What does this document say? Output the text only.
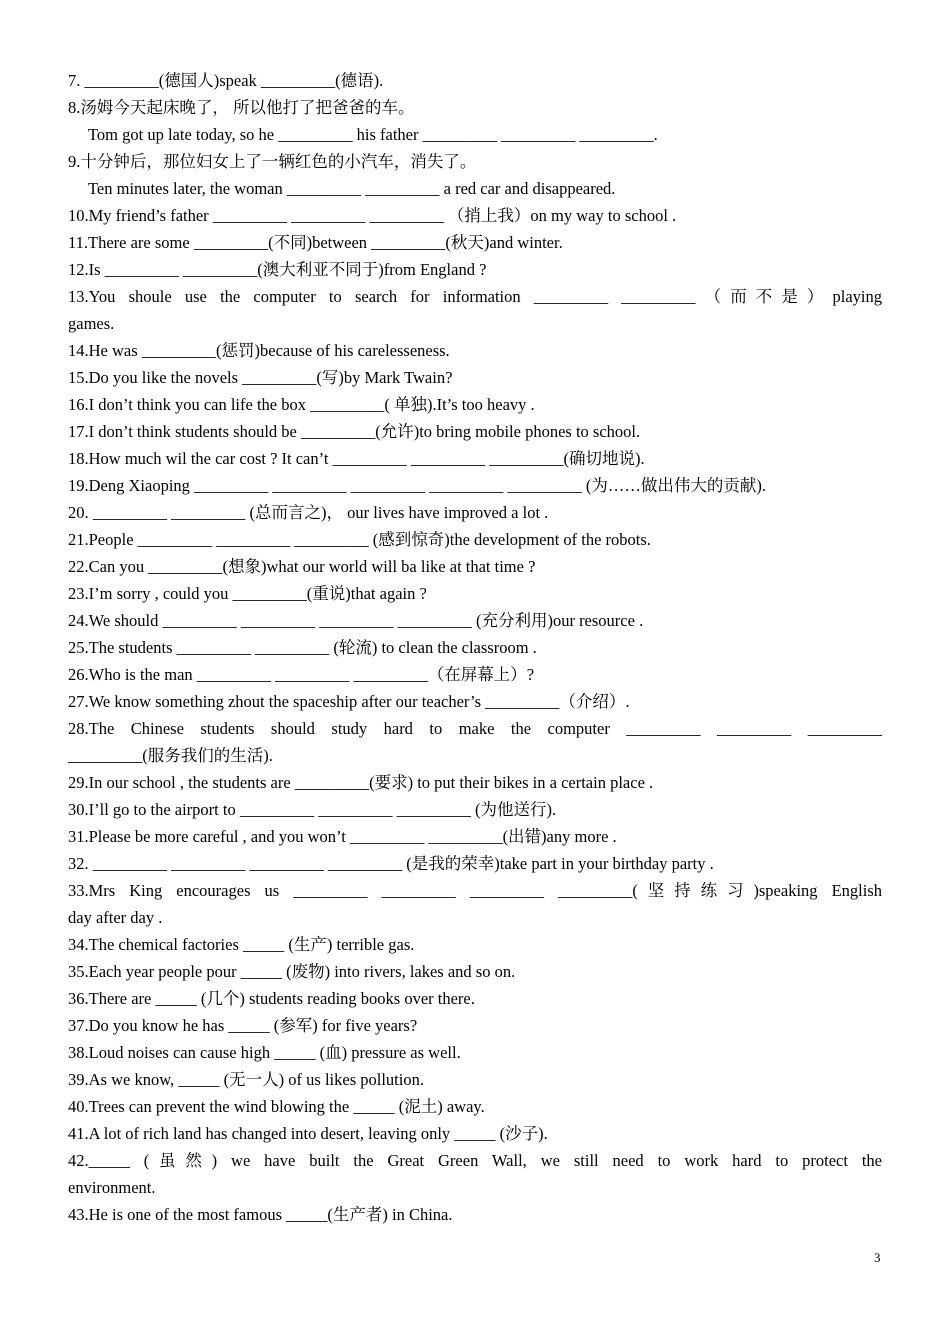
7. _________(德国人)speak _________(德语).
8.汤姆今天起床晚了， 所以他打了把爸爸的车。
Tom got up late today, so he _________ his father _________ _________ _________.
9.十分钟后，那位妇女上了一辆红色的小汽车，消失了。
Ten minutes later, the woman _________ _________ a red car and disappeared.
10.My friend’s father _________ _________ _________ （捎上我）on my way to school .
11.There are some _________(不同)between _________(秋天)and winter.
12.Is _________ _________(澳大利亚不同于)from England ?
13.You shoule use the computer to search for information _________ _________（而不是）playing
games.
14.He was _________(惩罚)because of his carelesseness.
15.Do you like the novels _________(写)by Mark Twain?
16.I don’t think you can life the box _________( 单独).It’s too heavy .
17.I don’t think students should be _________(允许)to bring mobile phones to school.
18.How much wil the car cost ? It can’t _________ _________ _________(确切地说).
19.Deng Xiaoping _________ _________ _________ _________ _________ (为……做出伟大的贡献).
20. _________ _________ (总而言之)， our lives have improved a lot .
21.People _________ _________ _________ (感到惊奇)the development of the robots.
22.Can you _________(想象)what our world will ba like at that time ?
23.I’m sorry , could you _________(重说)that again ?
24.We should _________ _________ _________ _________ (充分利用)our resource .
25.The students _________ _________ (轮流) to clean the classroom .
26.Who is the man _________ _________ _________（在屏幕上）?
27.We know something zhout the spaceship after our teacher’s _________（介绍）.
28.The Chinese students should study hard to make the computer _________ _________ _________
_________(服务我们的生活).
29.In our school , the students are _________(要求) to put their bikes in a certain place .
30.I’ll go to the airport to _________ _________ _________ (为他送行).
31.Please be more careful , and you won’t _________ _________(出错)any more .
32. _________ _________ _________ _________ (是我的荣幸)take part in your birthday party .
33.Mrs King encourages us _________ _________ _________ _________(坚持练习)speaking English
day after day .
34.The chemical factories _____ (生产) terrible gas.
35.Each year people pour _____ (废物) into rivers, lakes and so on.
36.There are _____ (几个) students reading books over there.
37.Do you know he has _____ (参军) for five years?
38.Loud noises can cause high _____ (血) pressure as well.
39.As we know, _____ (无一人) of us likes pollution.
40.Trees can prevent the wind blowing the _____ (泥土) away.
41.A lot of rich land has changed into desert, leaving only _____ (沙子).
42._____ (虽然) we have built the Great Green Wall, we still need to work hard to protect the
environment.
43.He is one of the most famous _____(生产者) in China.
3
